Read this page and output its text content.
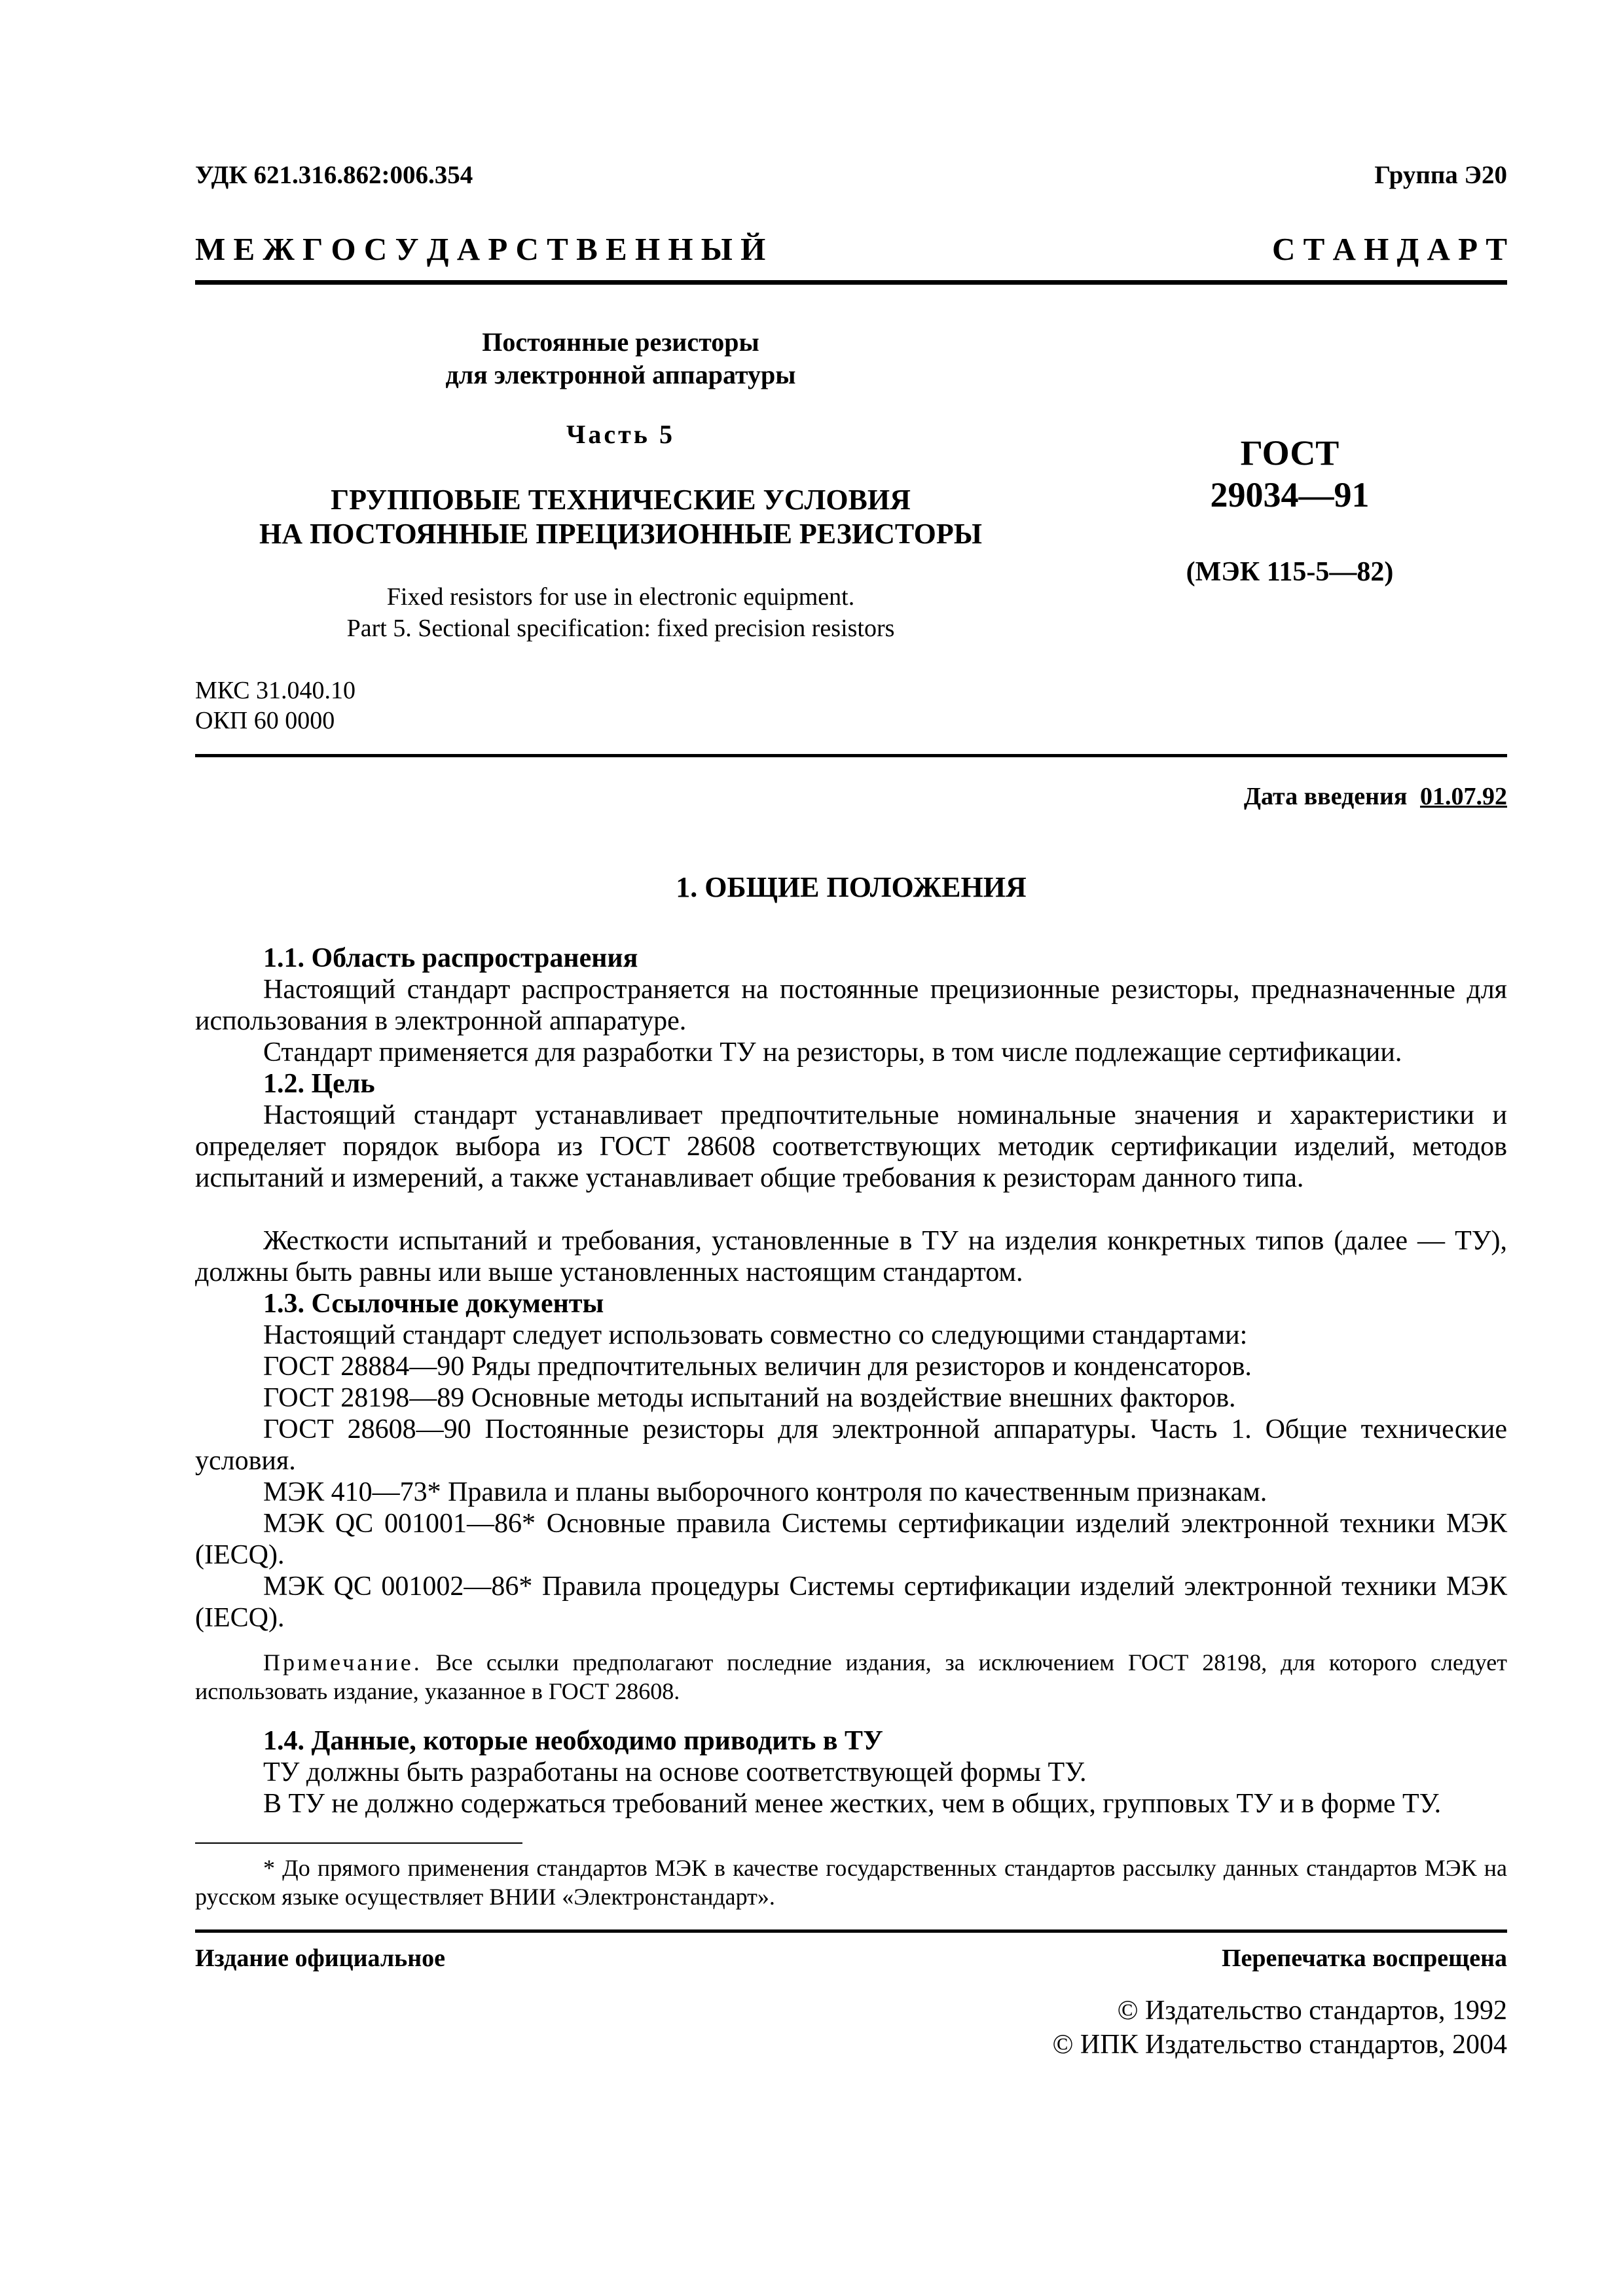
УДК 621.316.862:006.354	Группа Э20
М Е Ж Г О С У Д А Р С Т В Е Н Н Ы Й	С Т А Н Д А Р Т
Постоянные резисторы
для электронной аппаратуры
Часть 5
ГРУППОВЫЕ ТЕХНИЧЕСКИЕ УСЛОВИЯ
НА ПОСТОЯННЫЕ ПРЕЦИЗИОННЫЕ РЕЗИСТОРЫ
Fixed resistors for use in electronic equipment.
Part 5. Sectional specification: fixed precision resistors
ГОСТ
29034—91
(МЭК 115-5—82)
МКС 31.040.10
ОКП 60 0000
Дата введения 01.07.92
1. ОБЩИЕ ПОЛОЖЕНИЯ
1.1. Область распространения
Настоящий стандарт распространяется на постоянные прецизионные резисторы, предназначенные для использования в электронной аппаратуре.
Стандарт применяется для разработки ТУ на резисторы, в том числе подлежащие сертификации.
1.2. Цель
Настоящий стандарт устанавливает предпочтительные номинальные значения и характеристики и определяет порядок выбора из ГОСТ 28608 соответствующих методик сертификации изделий, методов испытаний и измерений, а также устанавливает общие требования к резисторам данного типа.
Жесткости испытаний и требования, установленные в ТУ на изделия конкретных типов (далее — ТУ), должны быть равны или выше установленных настоящим стандартом.
1.3. Ссылочные документы
Настоящий стандарт следует использовать совместно со следующими стандартами:
ГОСТ 28884—90 Ряды предпочтительных величин для резисторов и конденсаторов.
ГОСТ 28198—89 Основные методы испытаний на воздействие внешних факторов.
ГОСТ 28608—90 Постоянные резисторы для электронной аппаратуры. Часть 1. Общие технические условия.
МЭК 410—73* Правила и планы выборочного контроля по качественным признакам.
МЭК QC 001001—86* Основные правила Системы сертификации изделий электронной техники МЭК (IECQ).
МЭК QC 001002—86* Правила процедуры Системы сертификации изделий электронной техники МЭК (IECQ).
Примечание. Все ссылки предполагают последние издания, за исключением ГОСТ 28198, для которого следует использовать издание, указанное в ГОСТ 28608.
1.4. Данные, которые необходимо приводить в ТУ
ТУ должны быть разработаны на основе соответствующей формы ТУ.
В ТУ не должно содержаться требований менее жестких, чем в общих, групповых ТУ и в форме ТУ.
* До прямого применения стандартов МЭК в качестве государственных стандартов рассылку данных стандартов МЭК на русском языке осуществляет ВНИИ «Электронстандарт».
Издание официальное	Перепечатка воспрещена
© Издательство стандартов, 1992
© ИПК Издательство стандартов, 2004
